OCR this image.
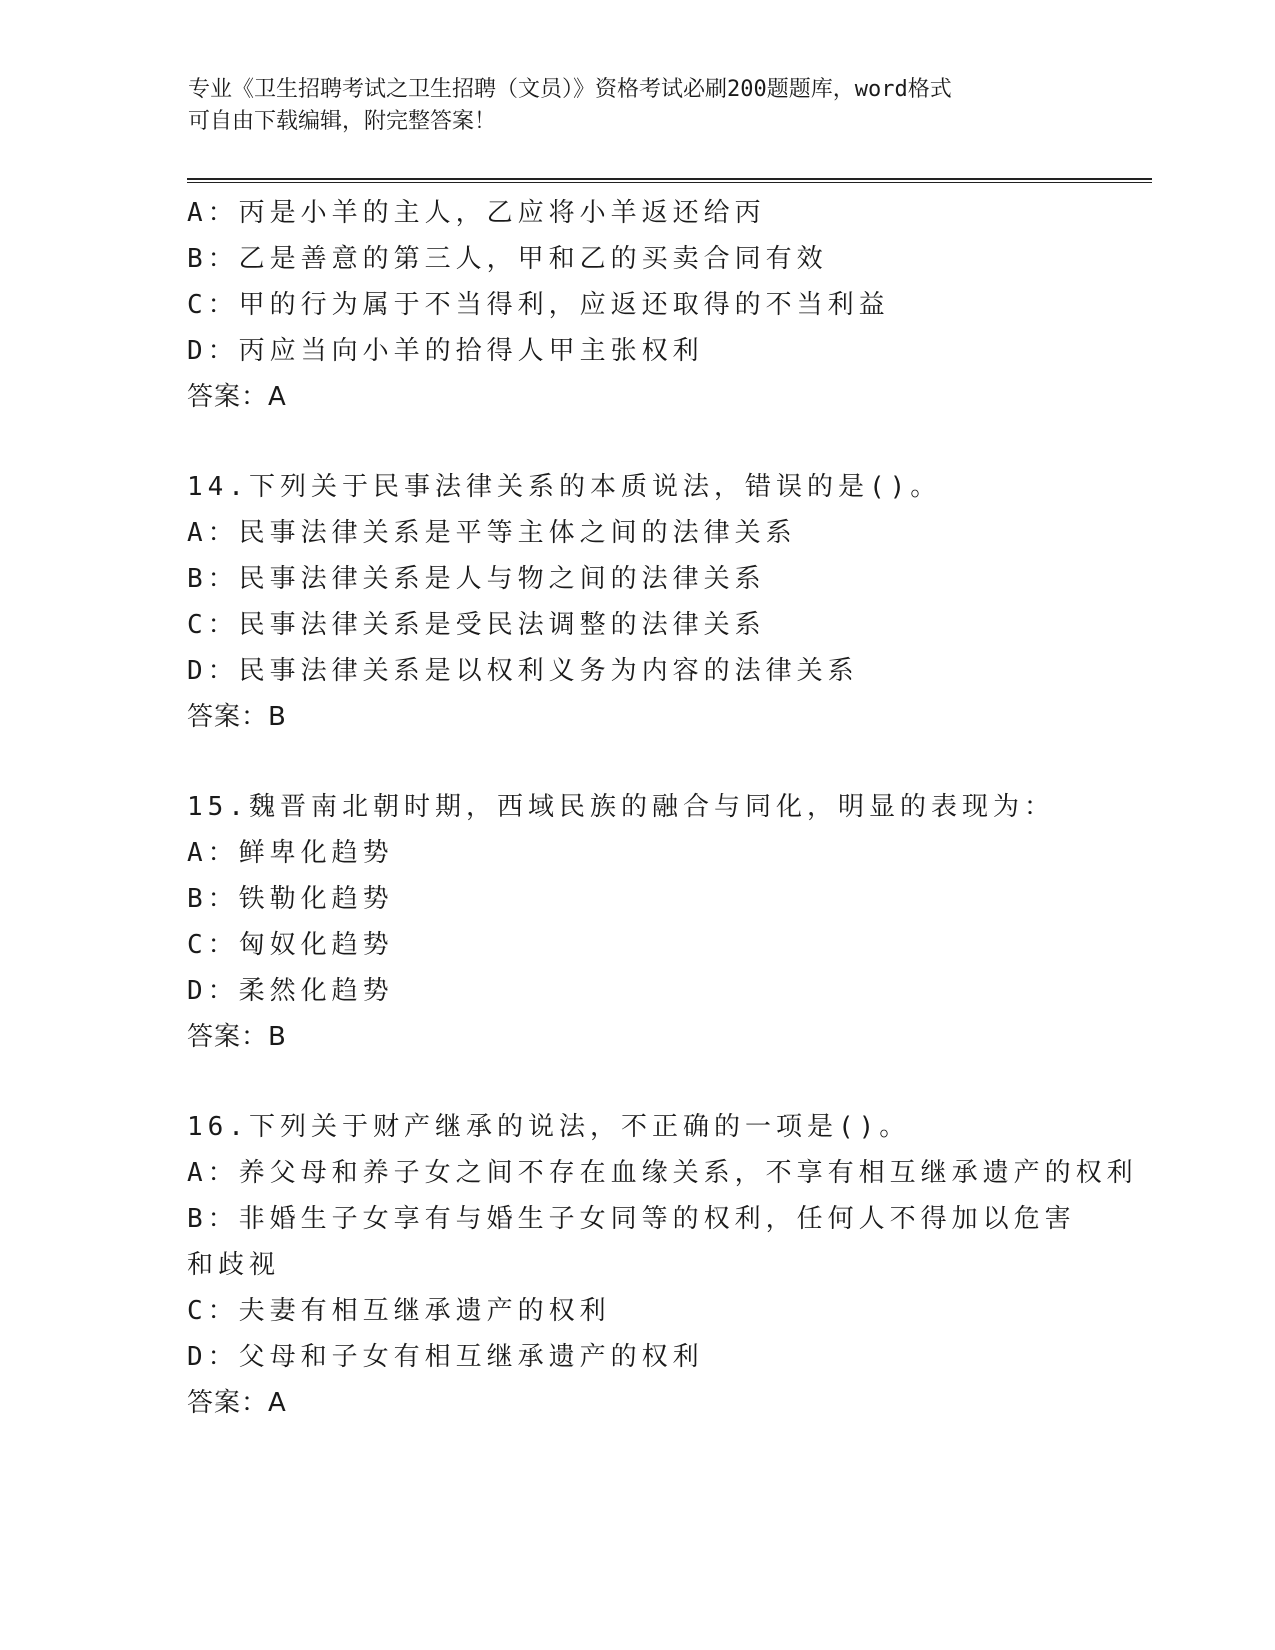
专业《卫生招聘考试之卫生招聘（文员）》资格考试必刷200题题库，word格式
可自由下载编辑，附完整答案！
A：丙是小羊的主人，乙应将小羊返还给丙
B：乙是善意的第三人，甲和乙的买卖合同有效
C：甲的行为属于不当得利，应返还取得的不当利益
D：丙应当向小羊的拾得人甲主张权利
答案：A
14.下列关于民事法律关系的本质说法，错误的是()。
A：民事法律关系是平等主体之间的法律关系
B：民事法律关系是人与物之间的法律关系
C：民事法律关系是受民法调整的法律关系
D：民事法律关系是以权利义务为内容的法律关系
答案：B
15.魏晋南北朝时期，西域民族的融合与同化，明显的表现为：
A：鲜卑化趋势
B：铁勒化趋势
C：匈奴化趋势
D：柔然化趋势
答案：B
16.下列关于财产继承的说法，不正确的一项是()。
A：养父母和养子女之间不存在血缘关系，不享有相互继承遗产的权利
B：非婚生子女享有与婚生子女同等的权利，任何人不得加以危害和歧视
C：夫妻有相互继承遗产的权利
D：父母和子女有相互继承遗产的权利
答案：A
